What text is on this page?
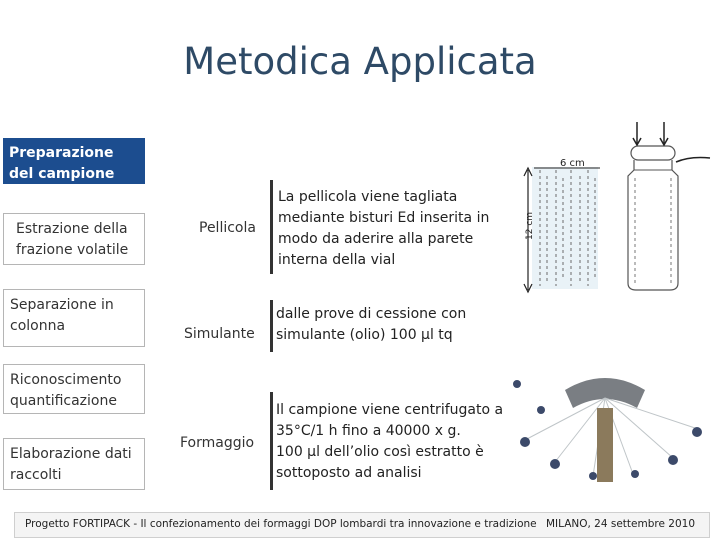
Metodica Applicata
Preparazione del campione
Estrazione della frazione volatile
Separazione in colonna
Riconoscimento quantificazione
Elaborazione dati raccolti
Pellicola
La pellicola viene tagliata mediante bisturi Ed inserita in modo da aderire alla parete interna della vial
Simulante
dalle prove di cessione con simulante (olio) 100 µl tq
Formaggio
Il campione viene centrifugato a
35°C/1 h fino a 40000 x g.
100 µl dell’olio così estratto è
sottoposto ad analisi
6 cm
12 cm
Progetto FORTIPACK - Il confezionamento dei formaggi DOP lombardi tra innovazione e tradizione MILANO, 24 settembre 2010
